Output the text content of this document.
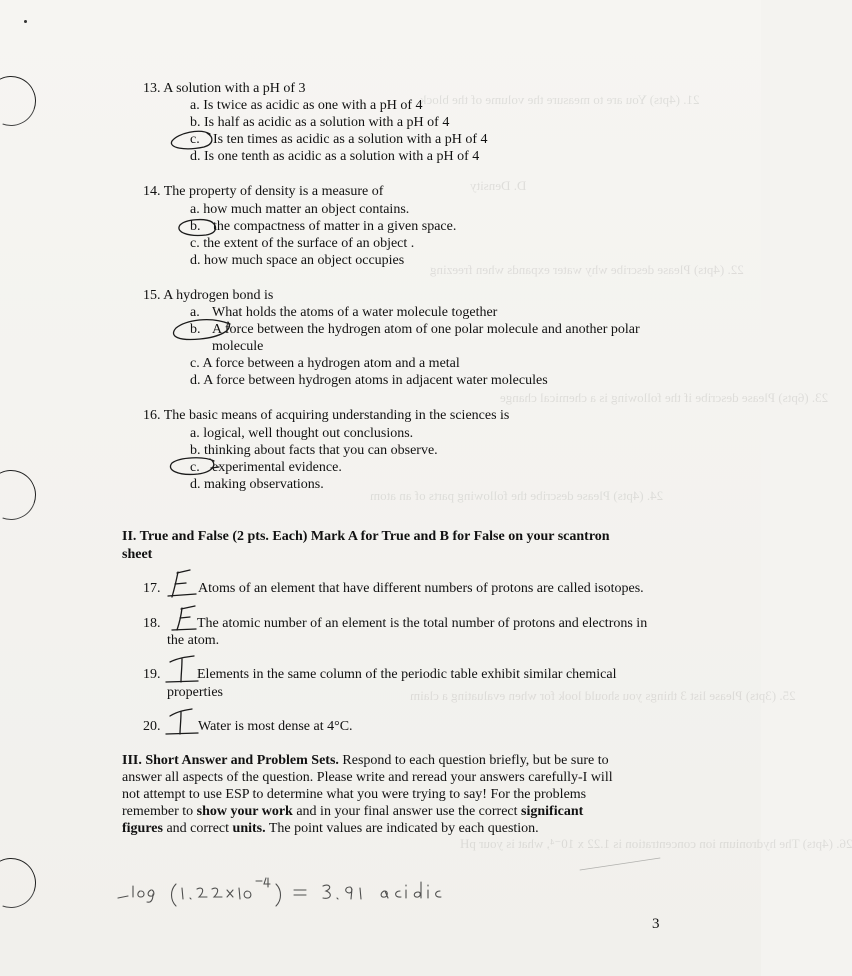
21. (4pts) You are to measure the volume of the block
D. Density
22. (4pts) Please describe why water expands when freezing
23. (6pts) Please describe if the following is a chemical change
24. (4pts) Please describe the following parts of an atom
25. (3pts) Please list 3 things you should look for when evaluating a claim
26. (4pts) The hydronium ion concentration is 1.22 x 10⁻⁴, what is your pH
13. A solution with a pH of 3
a. Is twice as acidic as one with a pH of 4
b. Is half as acidic as a solution with a pH of 4
c. Is ten times as acidic as a solution with a pH of 4
d. Is one tenth as acidic as a solution with a pH of 4
14. The property of density is a measure of
a. how much matter an object contains.
b. the compactness of matter in a given space.
c. the extent of the surface of an object .
d. how much space an object occupies
15. A hydrogen bond is
a. What holds the atoms of a water molecule together
b. A force between the hydrogen atom of one polar molecule and another polar
molecule
c. A force between a hydrogen atom and a metal
d. A force between hydrogen atoms in adjacent water molecules
16. The basic means of acquiring understanding in the sciences is
a. logical, well thought out conclusions.
b. thinking about facts that you can observe.
c. experimental evidence.
d. making observations.
II. True and False (2 pts. Each) Mark A for True and B for False on your scantron
sheet
17.	Atoms of an element that have different numbers of protons are called isotopes.
18.	The atomic number of an element is the total number of protons and electrons in
the atom.
19.	Elements in the same column of the periodic table exhibit similar chemical
properties
20.	Water is most dense at 4°C.
III. Short Answer and Problem Sets. Respond to each question briefly, but be sure to
answer all aspects of the question. Please write and reread your answers carefully-I will
not attempt to use ESP to determine what you were trying to say! For the problems
remember to show your work and in your final answer use the correct significant
figures and correct units. The point values are indicated by each question.
3
